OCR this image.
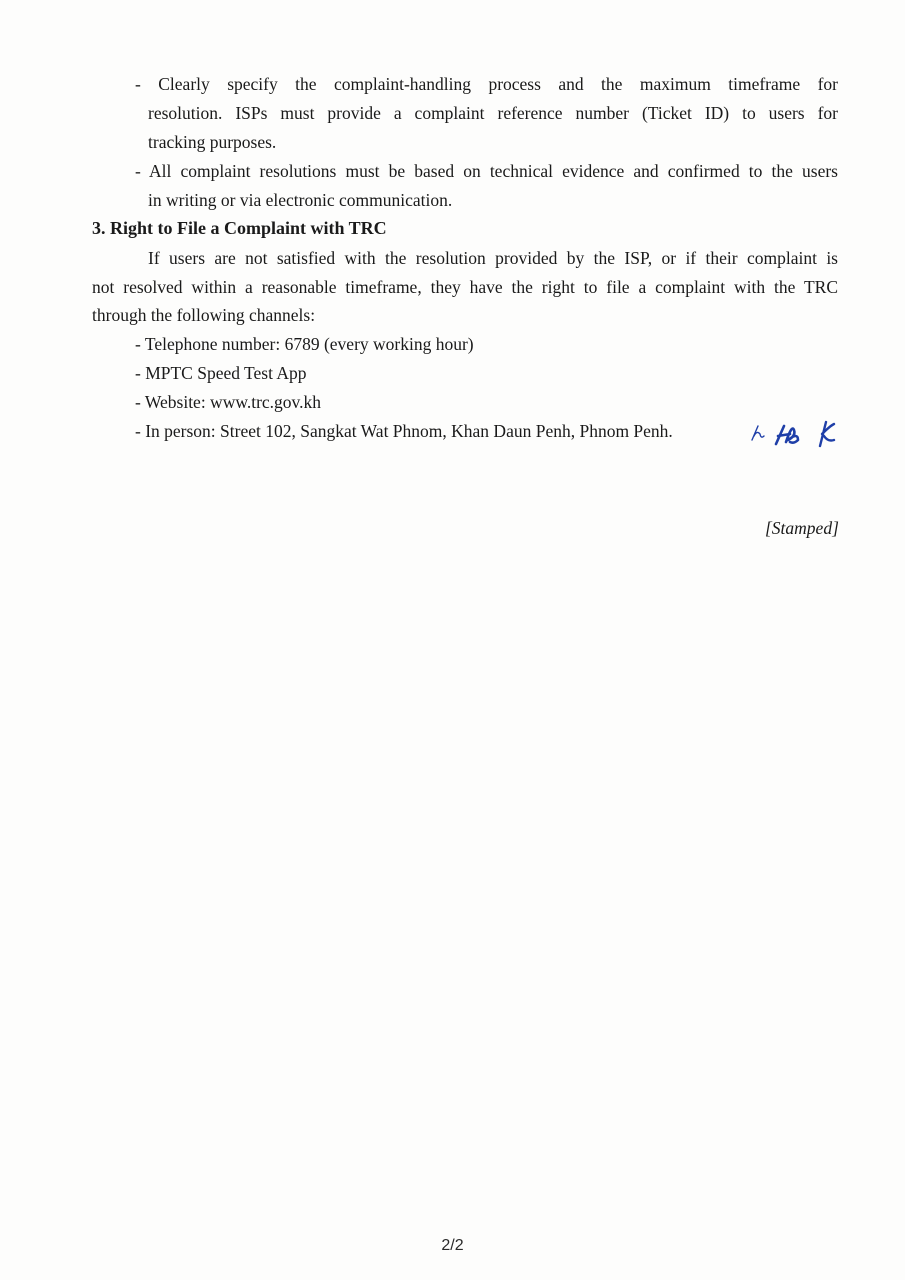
- Clearly specify the complaint-handling process and the maximum timeframe for
resolution. ISPs must provide a complaint reference number (Ticket ID) to users for
tracking purposes.
- All complaint resolutions must be based on technical evidence and confirmed to the users
in writing or via electronic communication.
3. Right to File a Complaint with TRC
If users are not satisfied with the resolution provided by the ISP, or if their complaint is
not resolved within a reasonable timeframe, they have the right to file a complaint with the TRC
through the following channels:
- Telephone number: 6789 (every working hour)
- MPTC Speed Test App
- Website: www.trc.gov.kh
- In person: Street 102, Sangkat Wat Phnom, Khan Daun Penh, Phnom Penh.
[Stamped]
2/2
